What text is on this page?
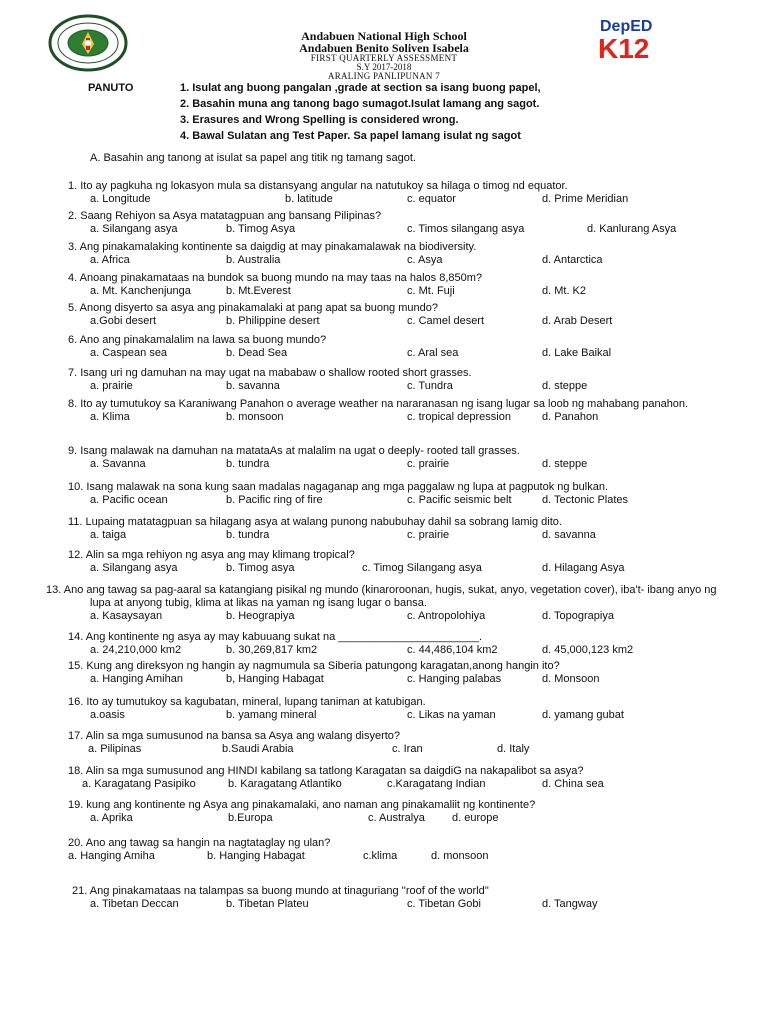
Andabuen National High School
Andabuen Benito Soliven Isabela
FIRST QUARTERLY ASSESSMENT
S.Y 2017-2018
ARALING PANLIPUNAN 7
DepED
K12
PANUTO	1. Isulat ang buong pangalan ,grade at section sa isang buong papel,
2. Basahin muna ang tanong bago sumagot.Isulat lamang ang sagot.
3. Erasures and Wrong Spelling is considered wrong.
4. Bawal Sulatan ang Test Paper. Sa papel lamang isulat ng sagot
A. Basahin ang tanong at isulat sa papel ang titik ng tamang sagot.
1. Ito ay pagkuha ng lokasyon mula sa distansyang angular na natutukoy sa hilaga o timog nd equator.
a. Longitude	b. latitude	c. equator	d. Prime Meridian
2. Saang Rehiyon sa Asya matatagpuan ang bansang Pilipinas?
a. Silangang asya	b. Timog Asya	c. Timos silangang asya	d. Kanlurang Asya
3. Ang pinakamalaking kontinente sa daigdig at may pinakamalawak na biodiversity.
a. Africa	b. Australia	c. Asya	d. Antarctica
4. Anoang pinakamataas na bundok sa buong mundo na may taas na halos 8,850m?
a. Mt. Kanchenjunga	b. Mt.Everest	c. Mt. Fuji	d. Mt. K2
5. Anong disyerto sa asya ang pinakamalaki at pang apat sa buong mundo?
a.Gobi desert	b. Philippine desert	c. Camel desert	d. Arab Desert
6. Ano ang pinakamalalim na lawa sa buong mundo?
a. Caspean sea	b. Dead Sea	c. Aral sea	d. Lake Baikal
7. Isang uri ng damuhan na may ugat na mababaw o shallow rooted short grasses.
a. prairie	b. savanna	c. Tundra	d. steppe
8. Ito ay tumutukoy sa Karaniwang Panahon o average weather na nararanasan ng isang lugar sa loob ng mahabang panahon.
a. Klima	b. monsoon	c. tropical depression	d. Panahon
9. Isang malawak na damuhan na matataAs at malalim na ugat o deeply- rooted tall grasses.
a. Savanna	b. tundra	c. prairie	d. steppe
10. Isang malawak na sona kung saan madalas nagaganap ang mga paggalaw ng lupa at pagputok ng bulkan.
a. Pacific ocean	b. Pacific ring of fire	c. Pacific seismic belt	d. Tectonic Plates
11. Lupaing matatagpuan sa hilagang asya at walang punong nabubuhay dahil sa sobrang lamig dito.
a. taiga	b. tundra	c. prairie	d. savanna
12. Alin sa mga rehiyon ng asya ang may klimang tropical?
a. Silangang asya	b. Timog asya	c. Timog Silangang asya	d. Hilagang Asya
13. Ano ang tawag sa pag-aaral sa katangiang pisikal ng mundo (kinaroroonan, hugis, sukat, anyo, vegetation cover), iba't- ibang anyo ng lupa at anyong tubig, klima at likas na yaman ng isang lugar o bansa.
a. Kasaysayan	b. Heograpiya	c. Antropolohiya	d. Topograpiya
14. Ang kontinente ng asya ay may kabuuang sukat na _______________________.
a. 24,210,000 km2	b. 30,269,817 km2	c. 44,486,104 km2	d. 45,000,123 km2
15. Kung ang direksyon ng hangin ay nagmumula sa Siberia patungong karagatan,anong hangin ito?
a. Hanging Amihan	b, Hanging Habagat	c. Hanging palabas	d. Monsoon
16. Ito ay tumutukoy sa kagubatan, mineral, lupang taniman at katubigan.
a.oasis	b. yamang mineral	c. Likas na yaman	d. yamang gubat
17. Alin sa mga sumusunod na bansa sa Asya ang walang disyerto?
a. Pilipinas	b.Saudi Arabia	c. Iran	d. Italy
18. Alin sa mga sumusunod ang HINDI kabilang sa tatlong Karagatan sa daigdiG na nakapalibot sa asya?
a. Karagatang Pasipiko	b. Karagatang Atlantiko	c.Karagatang Indian	d. China sea
19. kung ang kontinente ng Asya ang pinakamalaki, ano naman ang pinakamaliit ng kontinente?
a. Aprika	b.Europa	c. Australya d. europe
20. Ano ang tawag sa hangin na nagtataglay ng ulan?
a. Hanging Amiha	b. Hanging Habagat	c.klima	d. monsoon
21. Ang pinakamataas na talampas sa buong mundo at tinaguriang ''roof of the world''
a. Tibetan Deccan	b. Tibetan Plateu	c. Tibetan Gobi	d. Tangway
